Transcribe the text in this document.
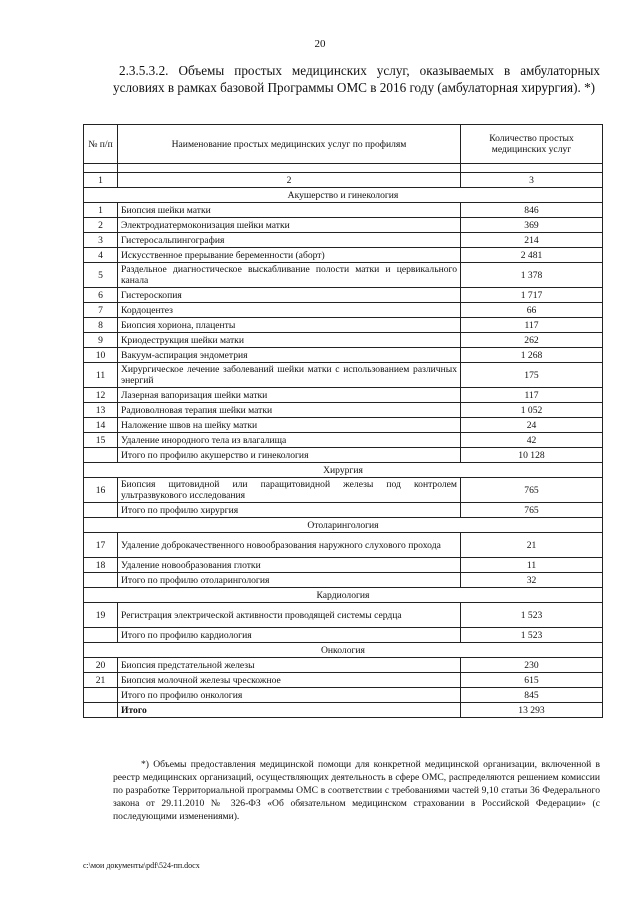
20
2.3.5.3.2. Объемы простых медицинских услуг, оказываемых в амбулаторных условиях в рамках базовой Программы ОМС в 2016 году (амбулаторная хирургия). *)
№ п/п	Наименование простых медицинских услуг по профилям	Количество простых медицинских услуг

1	2	3
Акушерство и гинекология		
1	Биопсия шейки матки	846
2	Электродиатермоконизация шейки матки	369
3	Гистеросальпингография	214
4	Искусственное прерывание беременности (аборт)	2 481
5	Раздельное диагностическое выскабливание полости матки и цервикального канала	1 378
6	Гистероскопия	1 717
7	Кордоцентез	66
8	Биопсия хориона, плаценты	117
9	Криодеструкция шейки матки	262
10	Вакуум-аспирация эндометрия	1 268
11	Хирургическое лечение заболеваний шейки матки с использованием различных энергий	175
12	Лазерная вапоризация шейки матки	117
13	Радиоволновая терапия шейки матки	1 052
14	Наложение швов на шейку матки	24
15	Удаление инородного тела из влагалища	42
	Итого по профилю акушерство и гинекология	10 128
Хирургия		
16	Биопсия щитовидной или паращитовидной железы под контролем ультразвукового исследования	765
	Итого по профилю хирургия	765
Отоларингология		
17	Удаление доброкачественного новообразования наружного слухового прохода	21
18	Удаление новообразования глотки	11
	Итого по профилю отоларингология	32
Кардиология		
19	Регистрация электрической активности проводящей системы сердца	1 523
	Итого по профилю кардиология	1 523
Онкология		
20	Биопсия предстательной железы	230
21	Биопсия молочной железы чрескожное	615
	Итого по профилю онкология	845
	Итого	13 293
*) Объемы предоставления медицинской помощи для конкретной медицинской организации, включенной в реестр медицинских организаций, осуществляющих деятельность в сфере ОМС, распределяются решением комиссии по разработке Территориальной программы ОМС в соответствии с требованиями частей 9,10 статьи 36 Федерального закона от 29.11.2010 № 326-ФЗ «Об обязательном медицинском страховании в Российской Федерации» (с последующими изменениями).
c:\мои документы\pdf\524-пп.docx
